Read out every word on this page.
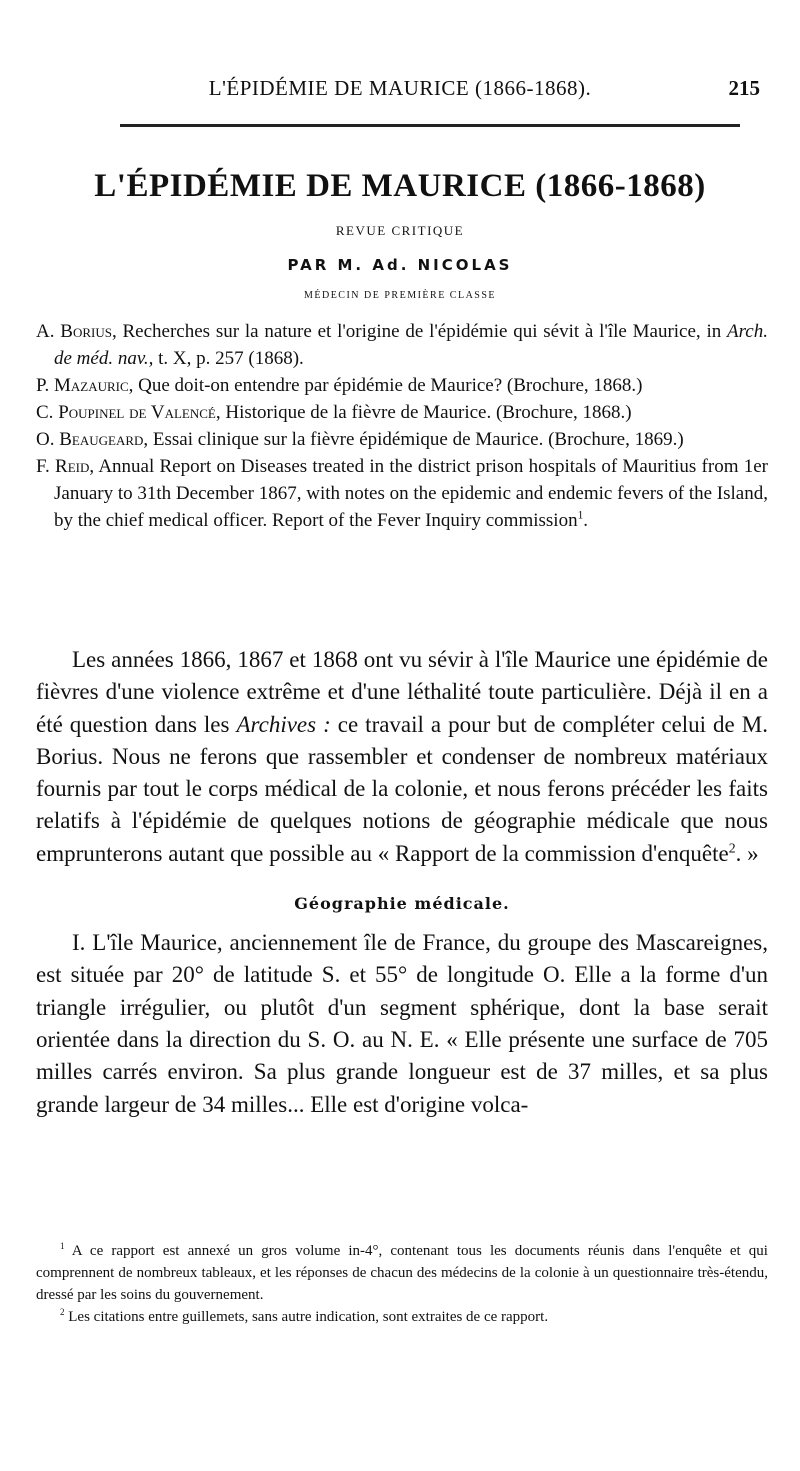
L'ÉPIDÉMIE DE MAURICE (1866-1868).	215
L'ÉPIDÉMIE DE MAURICE (1866-1868)
REVUE CRITIQUE
PAR M. Ad. NICOLAS
MÉDECIN DE PREMIÈRE CLASSE

A. Borius, Recherches sur la nature et l'origine de l'épidémie qui sévit à l'île Maurice, in Arch. de méd. nav., t. X, p. 257 (1868).

P. Mazauric, Que doit-on entendre par épidémie de Maurice? (Brochure, 1868.)

C. Poupinel de Valencé, Historique de la fièvre de Maurice. (Brochure, 1868.)

O. Beaugeard, Essai clinique sur la fièvre épidémique de Maurice. (Brochure, 1869.)

F. Reid, Annual Report on Diseases treated in the district prison hospitals of Mauritius from 1er January to 31th December 1867, with notes on the epidemic and endemic fevers of the Island, by the chief medical officer. Report of the Fever Inquiry commission$^1$.

Les années 1866, 1867 et 1868 ont vu sévir à l'île Maurice une épidémie de fièvres d'une violence extrême et d'une léthalité toute particulière. Déjà il en a été question dans les Archives : ce travail a pour but de compléter celui de M. Borius. Nous ne ferons que rassembler et condenser de nombreux matériaux fournis par tout le corps médical de la colonie, et nous ferons précéder les faits relatifs à l'épidémie de quelques notions de géographie médicale que nous emprunterons autant que possible au « Rapport de la commission d'enquête$^2$. »

Géographie médicale.

I. L'île Maurice, anciennement île de France, du groupe des Mascareignes, est située par 20° de latitude S. et 55° de longitude O. Elle a la forme d'un triangle irrégulier, ou plutôt d'un segment sphérique, dont la base serait orientée dans la direction du S. O. au N. E. « Elle présente une surface de 705 milles carrés environ. Sa plus grande longueur est de 37 milles, et sa plus grande largeur de 34 milles... Elle est d'origine volca-

$^1$ A ce rapport est annexé un gros volume in-4°, contenant tous les documents réunis dans l'enquête et qui comprennent de nombreux tableaux, et les réponses de chacun des médecins de la colonie à un questionnaire très-étendu, dressé par les soins du gouvernement.

$^2$ Les citations entre guillemets, sans autre indication, sont extraites de ce rapport.
